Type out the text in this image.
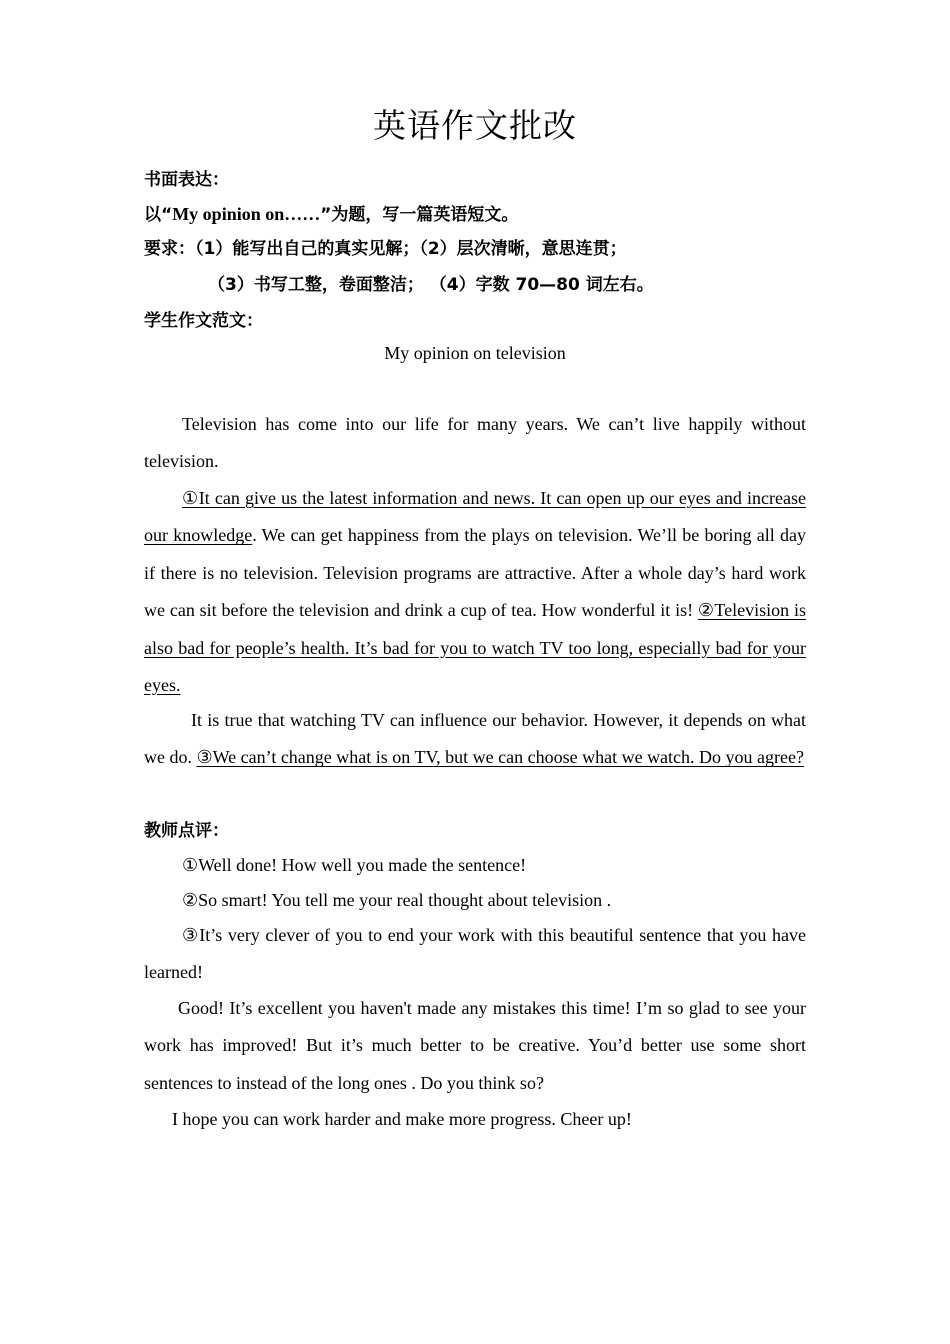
英语作文批改
书面表达：
以“My opinion on……”为题，写一篇英语短文。
要求：（1）能写出自己的真实见解；（2）层次清晰，意思连贯；
（3）书写工整，卷面整洁； （4）字数 70—80 词左右。
学生作文范文：
My opinion on television
Television has come into our life for many years. We can’t live happily without television.
①It can give us the latest information and news. It can open up our eyes and increase our knowledge. We can get happiness from the plays on television. We’ll be boring all day if there is no television. Television programs are attractive. After a whole day’s hard work we can sit before the television and drink a cup of tea. How wonderful it is! ②Television is also bad for people’s health. It’s bad for you to watch TV too long, especially bad for your eyes.
It is true that watching TV can influence our behavior. However, it depends on what we do. ③We can’t change what is on TV, but we can choose what we watch. Do you agree?
教师点评：
①Well done! How well you made the sentence!
②So smart! You tell me your real thought about television .
③It’s very clever of you to end your work with this beautiful sentence that you have learned!
Good! It’s excellent you haven't made any mistakes this time! I’m so glad to see your work has improved! But it’s much better to be creative. You’d better use some short sentences to instead of the long ones . Do you think so?
I hope you can work harder and make more progress. Cheer up!
